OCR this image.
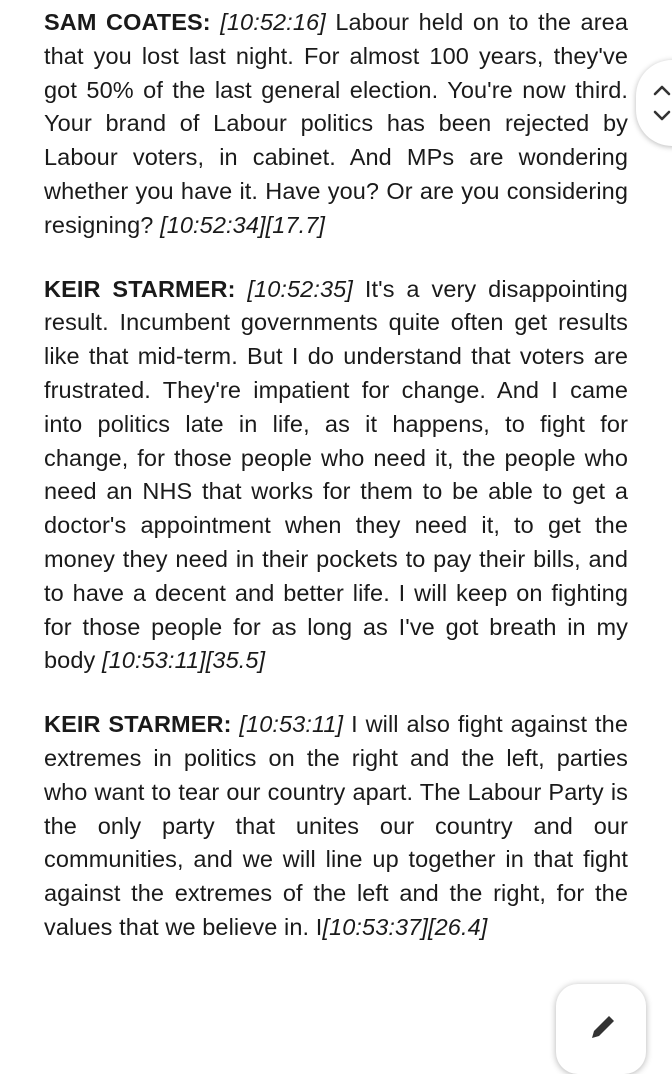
SAM COATES: [10:52:16] Labour held on to the area that you lost last night. For almost 100 years, they've got 50% of the last general election. You're now third. Your brand of Labour politics has been rejected by Labour voters, in cabinet. And MPs are wondering whether you have it. Have you? Or are you considering resigning? [10:52:34][17.7]

KEIR STARMER: [10:52:35] It's a very disappointing result. Incumbent governments quite often get results like that mid-term. But I do understand that voters are frustrated. They're impatient for change. And I came into politics late in life, as it happens, to fight for change, for those people who need it, the people who need an NHS that works for them to be able to get a doctor's appointment when they need it, to get the money they need in their pockets to pay their bills, and to have a decent and better life. I will keep on fighting for those people for as long as I've got breath in my body [10:53:11][35.5]

KEIR STARMER: [10:53:11] I will also fight against the extremes in politics on the right and the left, parties who want to tear our country apart. The Labour Party is the only party that unites our country and our communities, and we will line up together in that fight against the extremes of the left and the right, for the values that we believe in. I[10:53:37][26.4]
